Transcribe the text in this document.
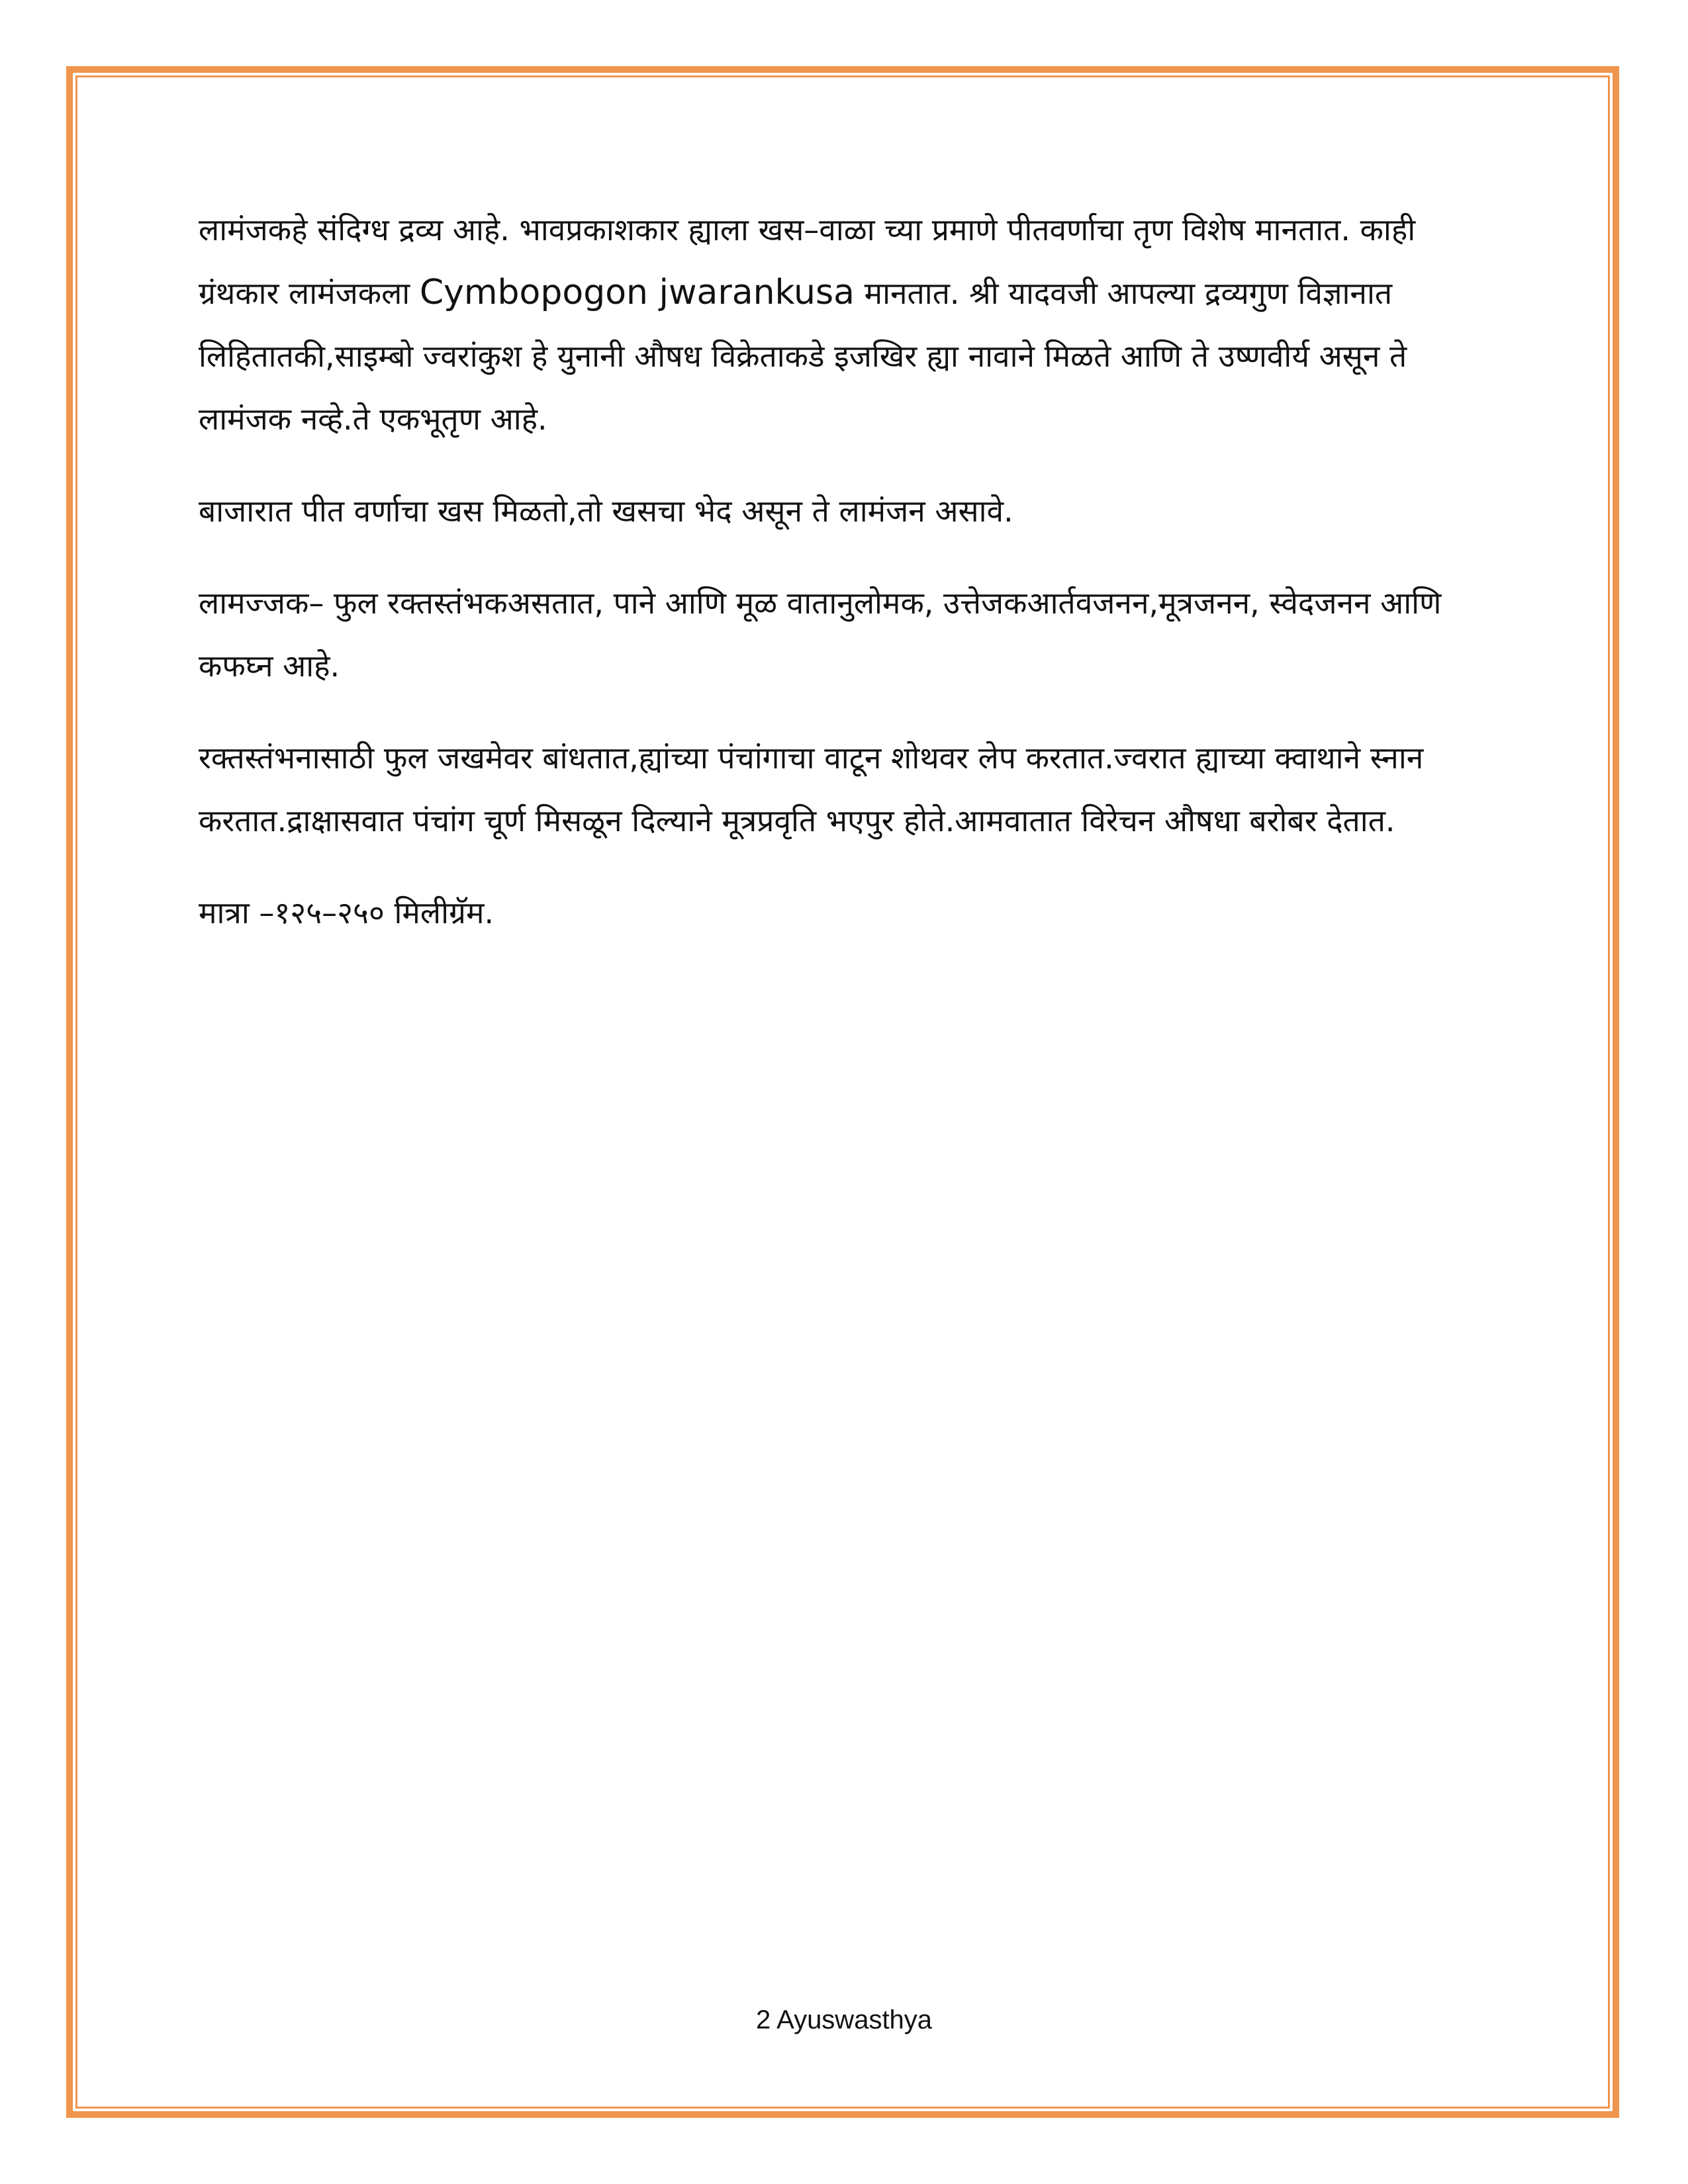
लामंजकहे संदिग्ध द्रव्य आहे. भावप्रकाशकार ह्याला खस–वाळा च्या प्रमाणे पीतवर्णाचा तृण विशेष मानतात. काही ग्रंथकार लामंजकला Cymbopogon jwarankusa मानतात. श्री यादवजी आपल्या द्रव्यगुण विज्ञानात लिहितातकी,साइम्बो ज्वरांकुश हे युनानी औषध विक्रेताकडे इजखिर ह्या नावाने मिळते आणि ते उष्णवीर्य असून ते लामंजक नव्हे.ते एकभूतृण आहे.

बाजारात पीत वर्णाचा खस मिळतो,तो खसचा भेद असून ते लामंजन असावे.

लामज्जक– फुल रक्तस्तंभकअसतात, पाने आणि मूळ वातानुलोमक, उत्तेजकआर्तवजनन,मूत्रजनन, स्वेदजनन आणि कफघ्न आहे.

रक्तस्तंभनासाठी फुल जखमेवर बांधतात,ह्यांच्या पंचांगाचा वाटून शोथवर लेप करतात.ज्वरात ह्याच्या क्वाथाने स्नान करतात.द्राक्षासवात पंचांग चूर्ण मिसळून दिल्याने मूत्रप्रवृति भएपुर होते.आमवातात विरेचन औषधा बरोबर देतात.

मात्रा –१२५–२५० मिलीग्रॅम.

2 Ayuswasthya
